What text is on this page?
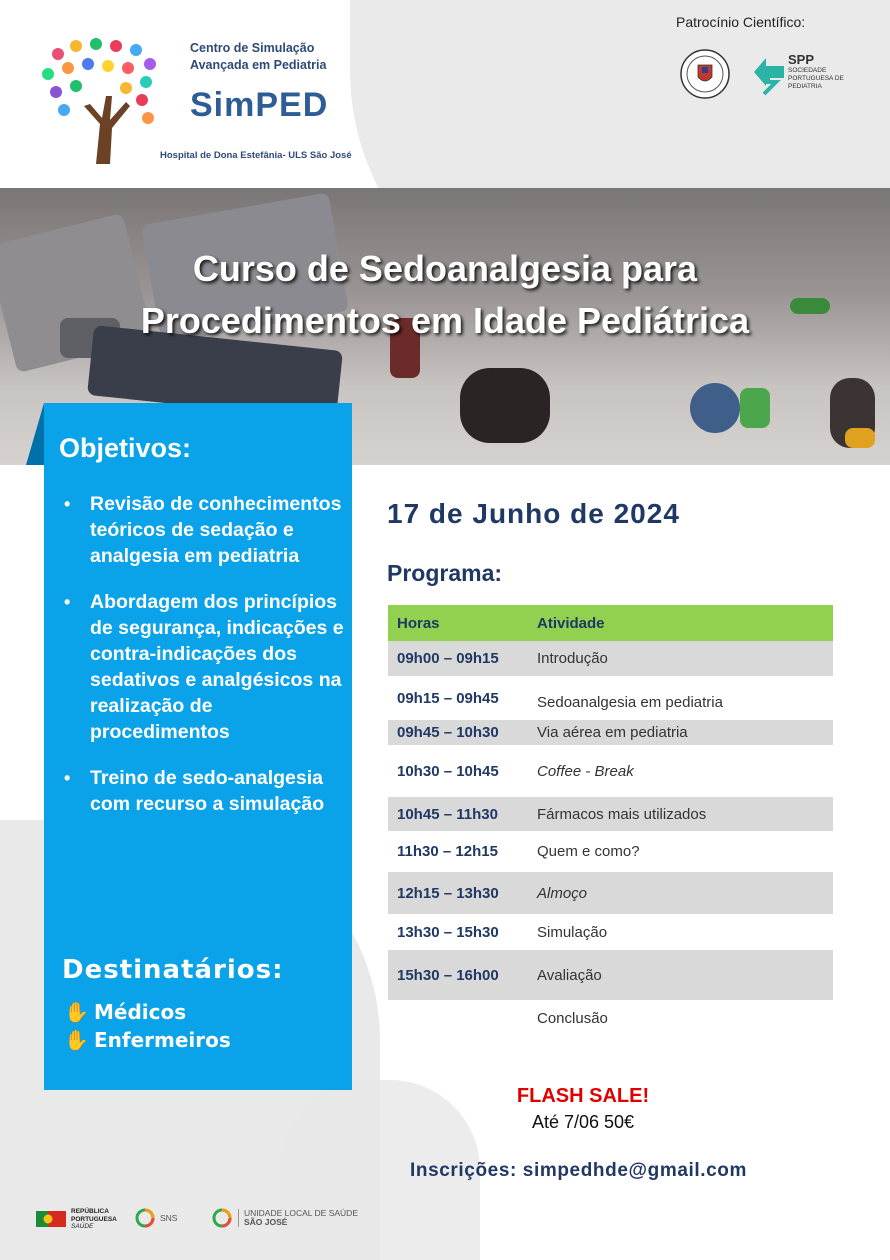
Centro de Simulação
Avançada em Pediatria
SimPED
Hospital de Dona Estefânia- ULS São José
Patrocínio Científico:
SPP
SOCIEDADE PORTUGUESA DE PEDIATRIA
Curso de Sedoanalgesia para
Procedimentos em Idade Pediátrica
Objetivos:
• Revisão de conhecimentos teóricos de sedação e analgesia em pediatria
• Abordagem dos princípios de segurança, indicações e contra-indicações dos sedativos e analgésicos na realização de procedimentos
• Treino de sedo-analgesia com recurso a simulação
Destinatários:
✋ Médicos
✋ Enfermeiros
17 de Junho de 2024
Programa:
Horas	Atividade
09h00 – 09h15	Introdução
09h15 – 09h45	Sedoanalgesia em pediatria
09h45 – 10h30	Via aérea em pediatria
10h30 – 10h45	Coffee - Break
10h45 – 11h30	Fármacos mais utilizados
11h30 – 12h15	Quem e como?
12h15 – 13h30	Almoço
13h30 – 15h30	Simulação
15h30 – 16h00	Avaliação
Conclusão
FLASH SALE!
Até 7/06 50€
Inscrições: simpedhde@gmail.com
REPÚBLICA
PORTUGUESA
SAÚDE
SNS	UNIDADE LOCAL DE SAÚDE
SÃO JOSÉ
